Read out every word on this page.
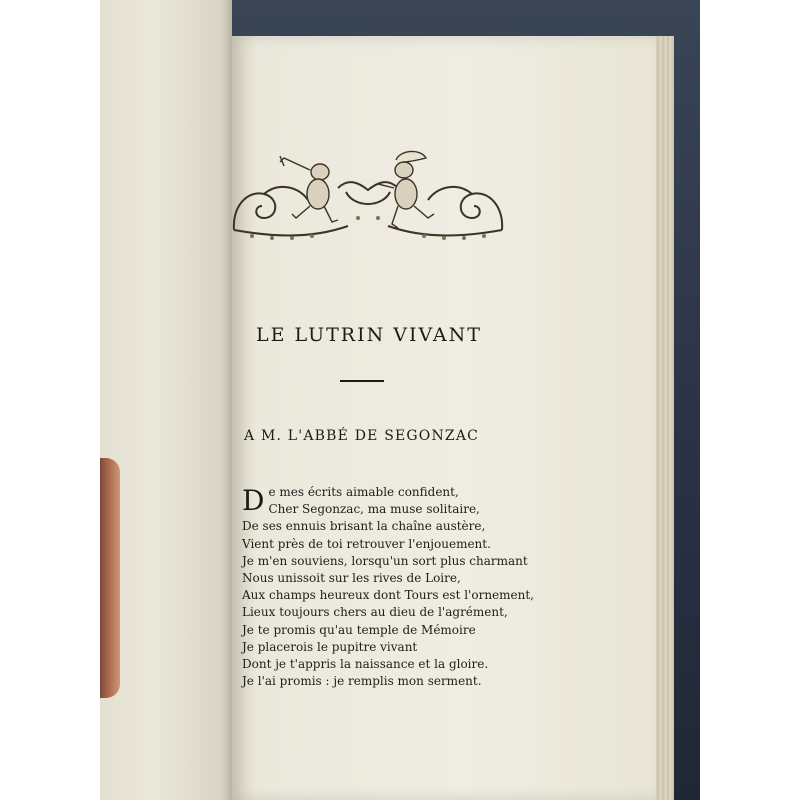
LE LUTRIN VIVANT
A M. L'ABBÉ DE SEGONZAC
D e mes écrits aimable confident,
Cher Segonzac, ma muse solitaire,
De ses ennuis brisant la chaîne austère,
Vient près de toi retrouver l'enjouement.
Je m'en souviens, lorsqu'un sort plus charmant
Nous unissoit sur les rives de Loire,
Aux champs heureux dont Tours est l'ornement,
Lieux toujours chers au dieu de l'agrément,
Je te promis qu'au temple de Mémoire
Je placerois le pupitre vivant
Dont je t'appris la naissance et la gloire.
Je l'ai promis : je remplis mon serment.
